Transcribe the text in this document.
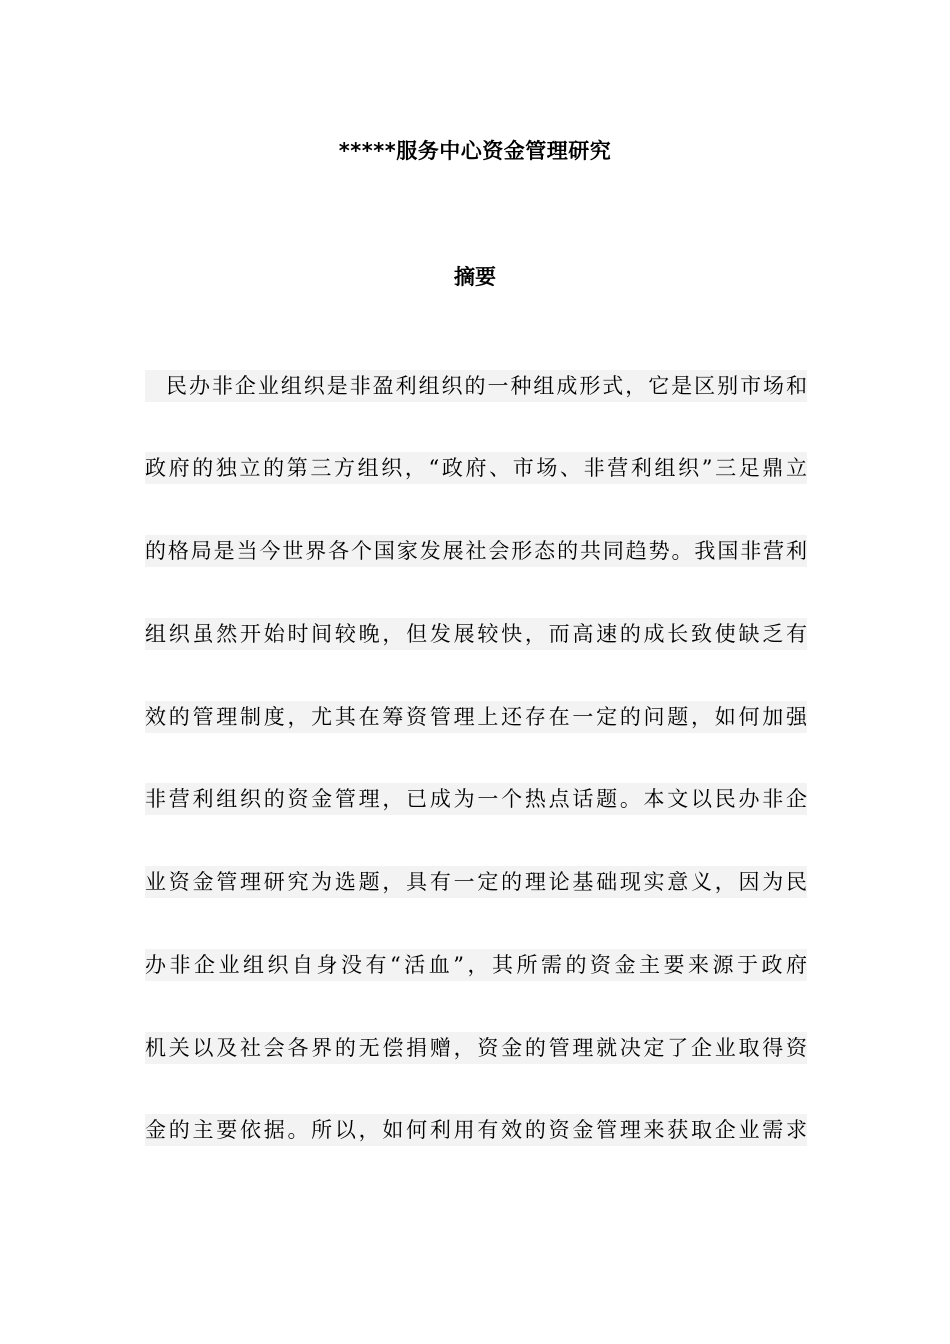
*****服务中心资金管理研究
摘要
民办非企业组织是非盈利组织的一种组成形式，它是区别市场和
政府的独立的第三方组织，“政府、市场、非营利组织”三足鼎立
的格局是当今世界各个国家发展社会形态的共同趋势。我国非营利
组织虽然开始时间较晚，但发展较快，而高速的成长致使缺乏有
效的管理制度，尤其在筹资管理上还存在一定的问题，如何加强
非营利组织的资金管理，已成为一个热点话题。本文以民办非企
业资金管理研究为选题，具有一定的理论基础现实意义，因为民
办非企业组织自身没有“活血”，其所需的资金主要来源于政府
机关以及社会各界的无偿捐赠，资金的管理就决定了企业取得资
金的主要依据。所以，如何利用有效的资金管理来获取企业需求
